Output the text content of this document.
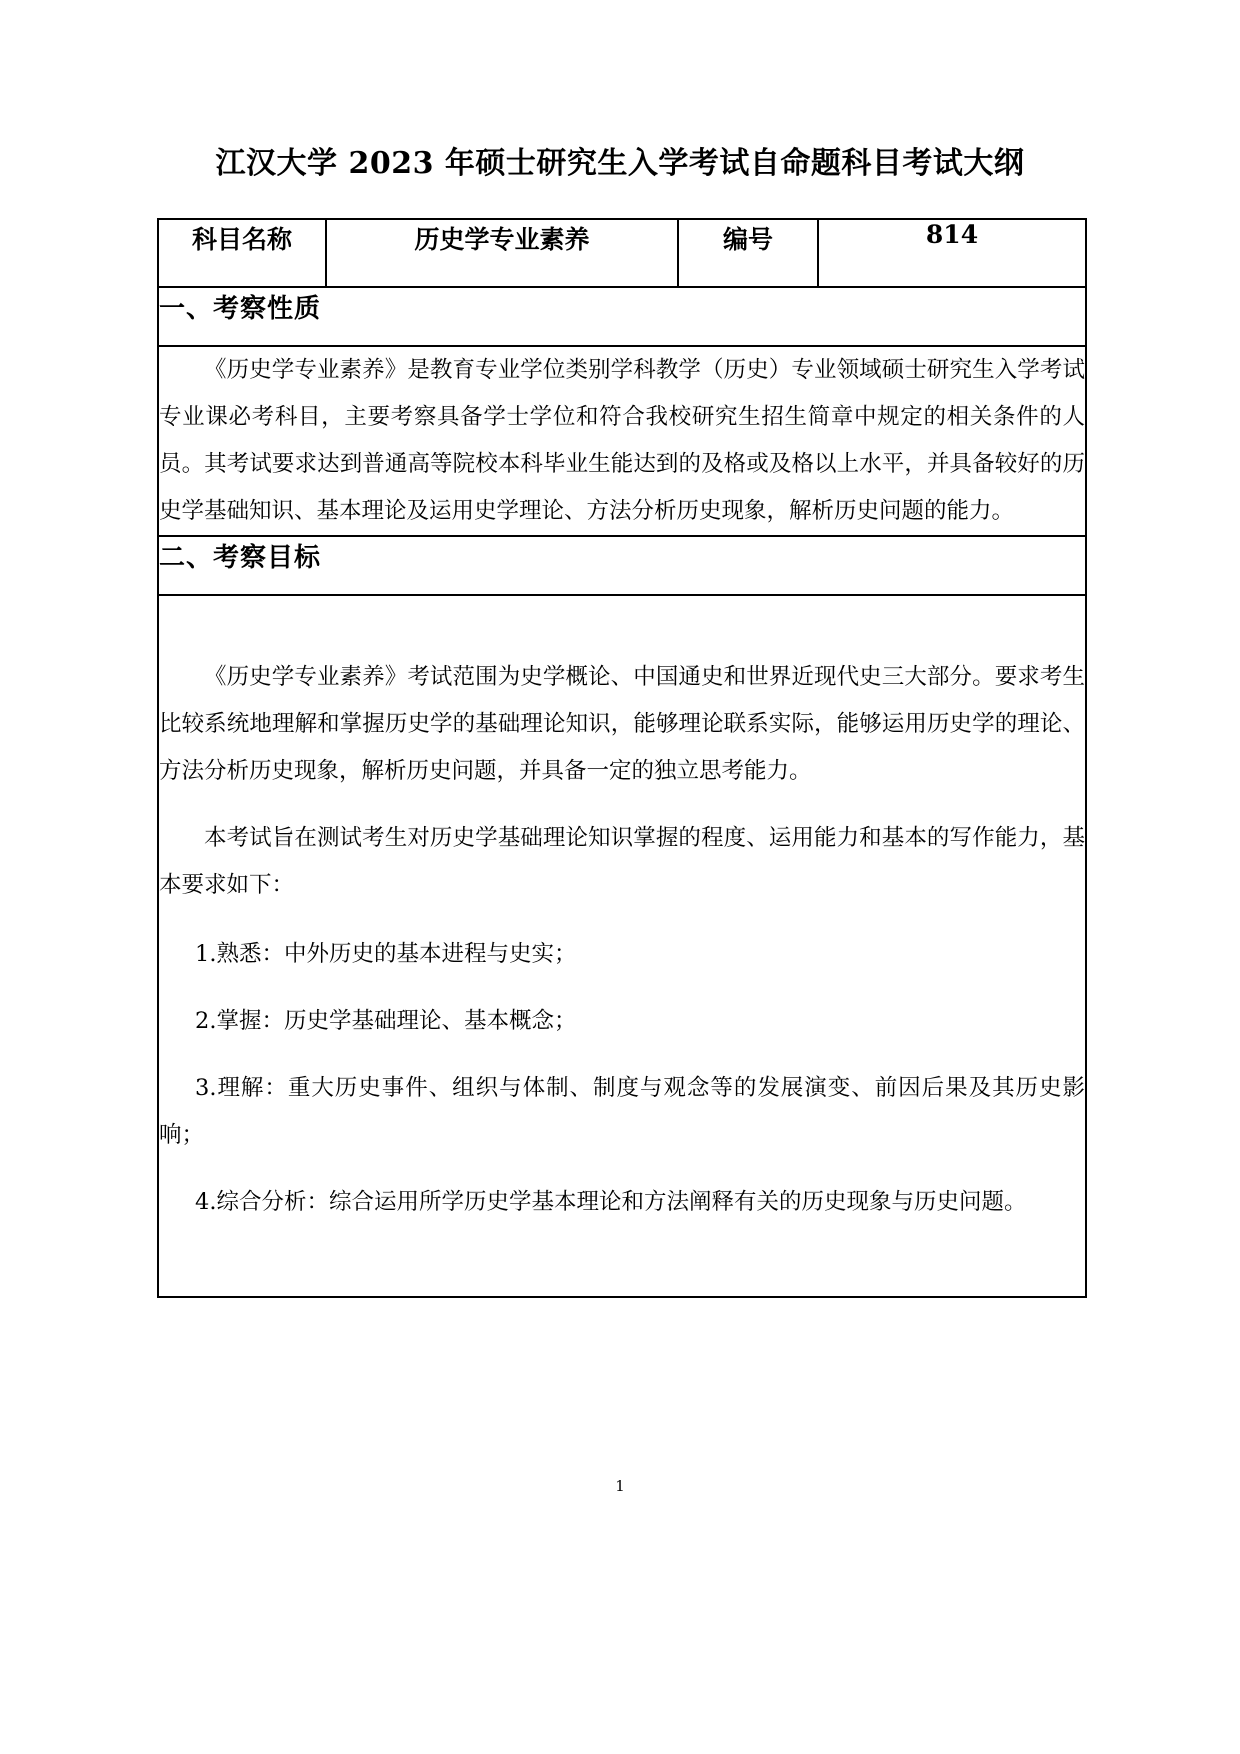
江汉大学 2023 年硕士研究生入学考试自命题科目考试大纲
科目名称	历史学专业素养	编号	814
一、考察性质

《历史学专业素养》是教育专业学位类别学科教学（历史）专业领域硕士研究生入学考试专业课必考科目，主要考察具备学士学位和符合我校研究生招生简章中规定的相关条件的人员。其考试要求达到普通高等院校本科毕业生能达到的及格或及格以上水平，并具备较好的历史学基础知识、基本理论及运用史学理论、方法分析历史现象，解析历史问题的能力。

二、考察目标

《历史学专业素养》考试范围为史学概论、中国通史和世界近现代史三大部分。要求考生比较系统地理解和掌握历史学的基础理论知识，能够理论联系实际，能够运用历史学的理论、方法分析历史现象，解析历史问题，并具备一定的独立思考能力。

本考试旨在测试考生对历史学基础理论知识掌握的程度、运用能力和基本的写作能力，基本要求如下：

1.熟悉：中外历史的基本进程与史实；

2.掌握：历史学基础理论、基本概念；

3.理解：重大历史事件、组织与体制、制度与观念等的发展演变、前因后果及其历史影响；

4.综合分析：综合运用所学历史学基本理论和方法阐释有关的历史现象与历史问题。

1
